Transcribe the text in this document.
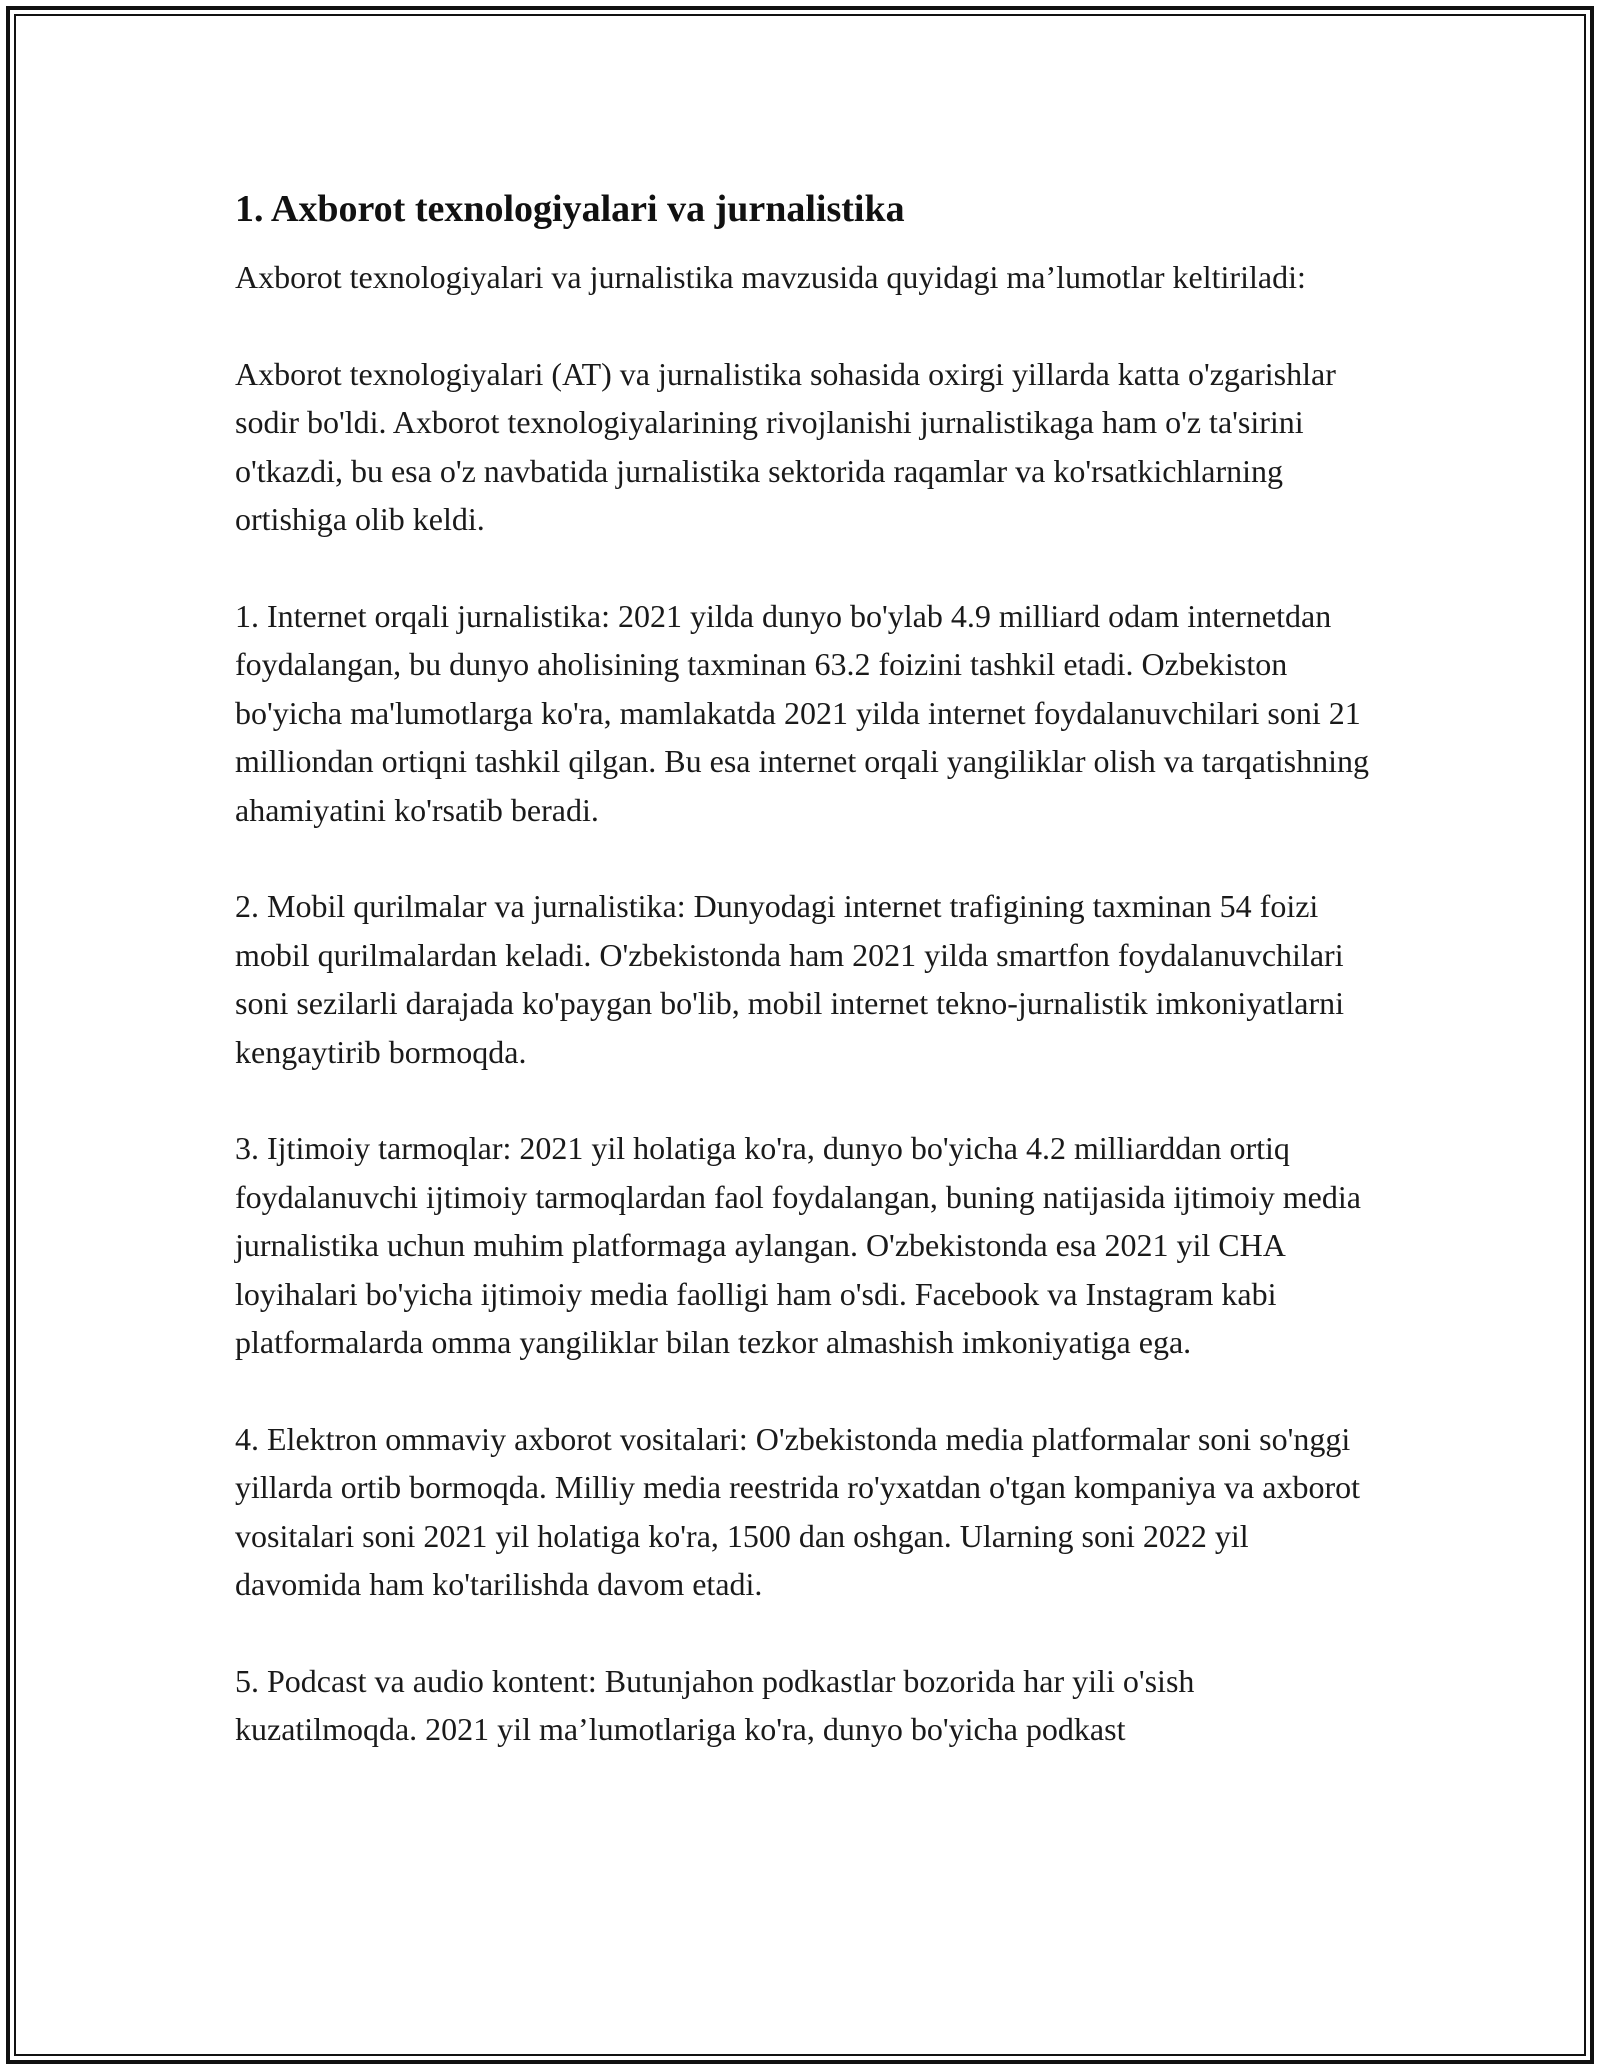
1. Axborot texnologiyalari va jurnalistika

Axborot texnologiyalari va jurnalistika mavzusida quyidagi ma’lumotlar keltiriladi:

Axborot texnologiyalari (AT) va jurnalistika sohasida oxirgi yillarda katta o'zgarishlar sodir bo'ldi. Axborot texnologiyalarining rivojlanishi jurnalistikaga ham o'z ta'sirini o'tkazdi, bu esa o'z navbatida jurnalistika sektorida raqamlar va ko'rsatkichlarning ortishiga olib keldi.

1. Internet orqali jurnalistika: 2021 yilda dunyo bo'ylab 4.9 milliard odam internetdan foydalangan, bu dunyo aholisining taxminan 63.2 foizini tashkil etadi. Ozbekiston bo'yicha ma'lumotlarga ko'ra, mamlakatda 2021 yilda internet foydalanuvchilari soni 21 milliondan ortiqni tashkil qilgan. Bu esa internet orqali yangiliklar olish va tarqatishning ahamiyatini ko'rsatib beradi.

2. Mobil qurilmalar va jurnalistika: Dunyodagi internet trafigining taxminan 54 foizi mobil qurilmalardan keladi. O'zbekistonda ham 2021 yilda smartfon foydalanuvchilari soni sezilarli darajada ko'paygan bo'lib, mobil internet tekno-jurnalistik imkoniyatlarni kengaytirib bormoqda.

3. Ijtimoiy tarmoqlar: 2021 yil holatiga ko'ra, dunyo bo'yicha 4.2 milliarddan ortiq foydalanuvchi ijtimoiy tarmoqlardan faol foydalangan, buning natijasida ijtimoiy media jurnalistika uchun muhim platformaga aylangan. O'zbekistonda esa 2021 yil CHA loyihalari bo'yicha ijtimoiy media faolligi ham o'sdi. Facebook va Instagram kabi platformalarda omma yangiliklar bilan tezkor almashish imkoniyatiga ega.

4. Elektron ommaviy axborot vositalari: O'zbekistonda media platformalar soni so'nggi yillarda ortib bormoqda. Milliy media reestrida ro'yxatdan o'tgan kompaniya va axborot vositalari soni 2021 yil holatiga ko'ra, 1500 dan oshgan. Ularning soni 2022 yil davomida ham ko'tarilishda davom etadi.

5. Podcast va audio kontent: Butunjahon podkastlar bozorida har yili o'sish kuzatilmoqda. 2021 yil ma’lumotlariga ko'ra, dunyo bo'yicha podkast
